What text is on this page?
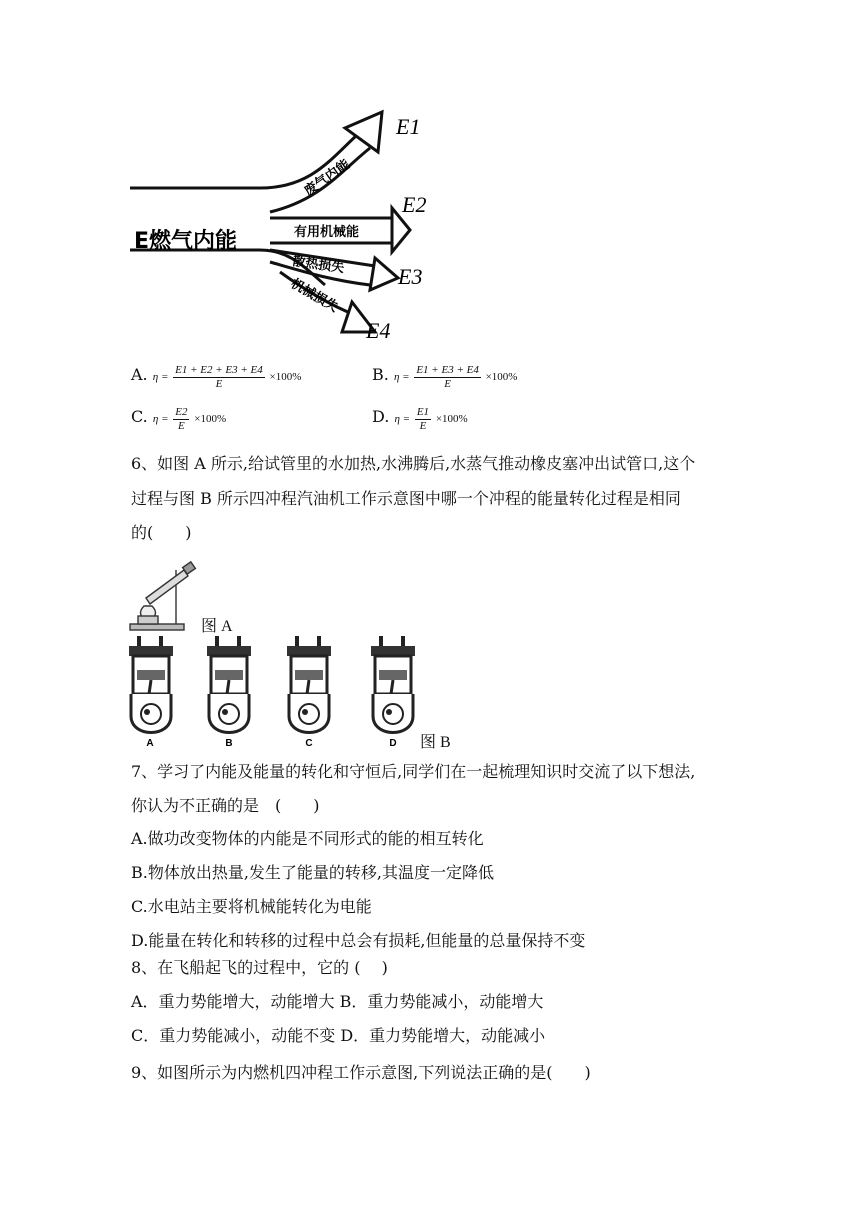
废气内能
有用机械能
散热损失
机械损失
E燃气内能
E1
E2
E3
E4
A. $\eta = \frac{E1 + E2 + E3 + E4}{E} \times 100\%$	B. $\eta = \frac{E1 + E3 + E4}{E} \times 100\%$
C. $\eta = \frac{E2}{E} \times 100\%$	D. $\eta = \frac{E1}{E} \times 100\%$
6、如图 A 所示,给试管里的水加热,水沸腾后,水蒸气推动橡皮塞冲出试管口,这个
过程与图 B 所示四冲程汽油机工作示意图中哪一个冲程的能量转化过程是相同
的(　　)
图 A
A	B	C	D 图 B
7、学习了内能及能量的转化和守恒后,同学们在一起梳理知识时交流了以下想法,
你认为不正确的是　(　　)
A.做功改变物体的内能是不同形式的能的相互转化
B.物体放出热量,发生了能量的转移,其温度一定降低
C.水电站主要将机械能转化为电能
D.能量在转化和转移的过程中总会有损耗,但能量的总量保持不变
8、在飞船起飞的过程中，它的 (　 )
A．重力势能增大，动能增大 B．重力势能减小，动能增大
C．重力势能减小，动能不变 D．重力势能增大，动能减小
9、如图所示为内燃机四冲程工作示意图,下列说法正确的是(　　)
